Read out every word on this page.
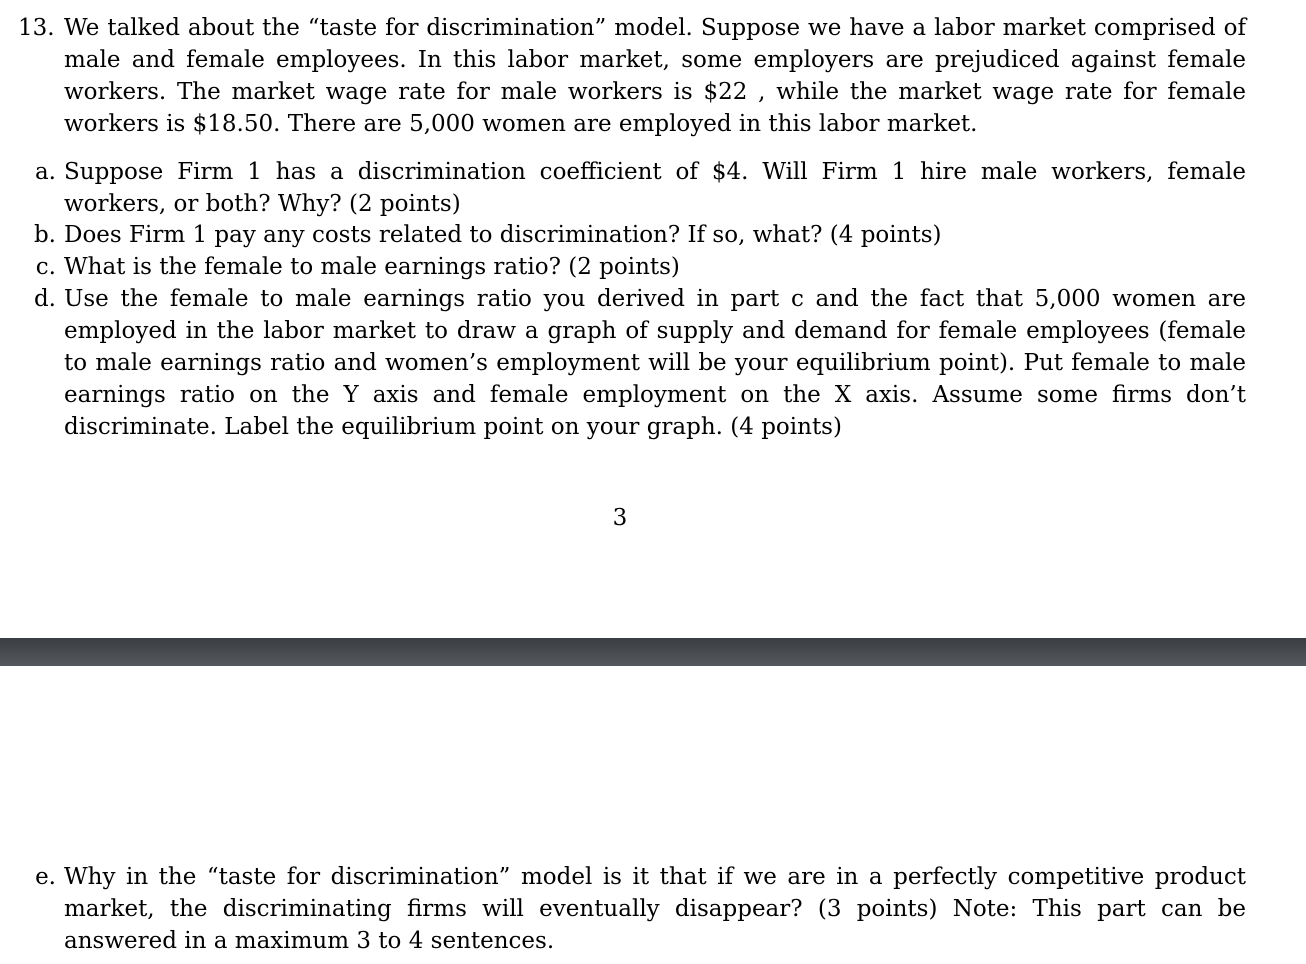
13. We talked about the “taste for discrimination” model. Suppose we have a labor market comprised of male and female employees. In this labor market, some employers are prejudiced against female workers. The market wage rate for male workers is $22 , while the market wage rate for female workers is $18.50. There are 5,000 women are employed in this labor market.
a. Suppose Firm 1 has a discrimination coefficient of $4. Will Firm 1 hire male workers, female workers, or both? Why? (2 points)
b. Does Firm 1 pay any costs related to discrimination? If so, what? (4 points)
c. What is the female to male earnings ratio? (2 points)
d. Use the female to male earnings ratio you derived in part c and the fact that 5,000 women are employed in the labor market to draw a graph of supply and demand for female employees (female to male earnings ratio and women’s employment will be your equilibrium point). Put female to male earnings ratio on the Y axis and female employment on the X axis. Assume some firms don’t discriminate. Label the equilibrium point on your graph. (4 points)
3
e. Why in the “taste for discrimination” model is it that if we are in a perfectly competitive product market, the discriminating firms will eventually disappear? (3 points) Note: This part can be answered in a maximum 3 to 4 sentences.
